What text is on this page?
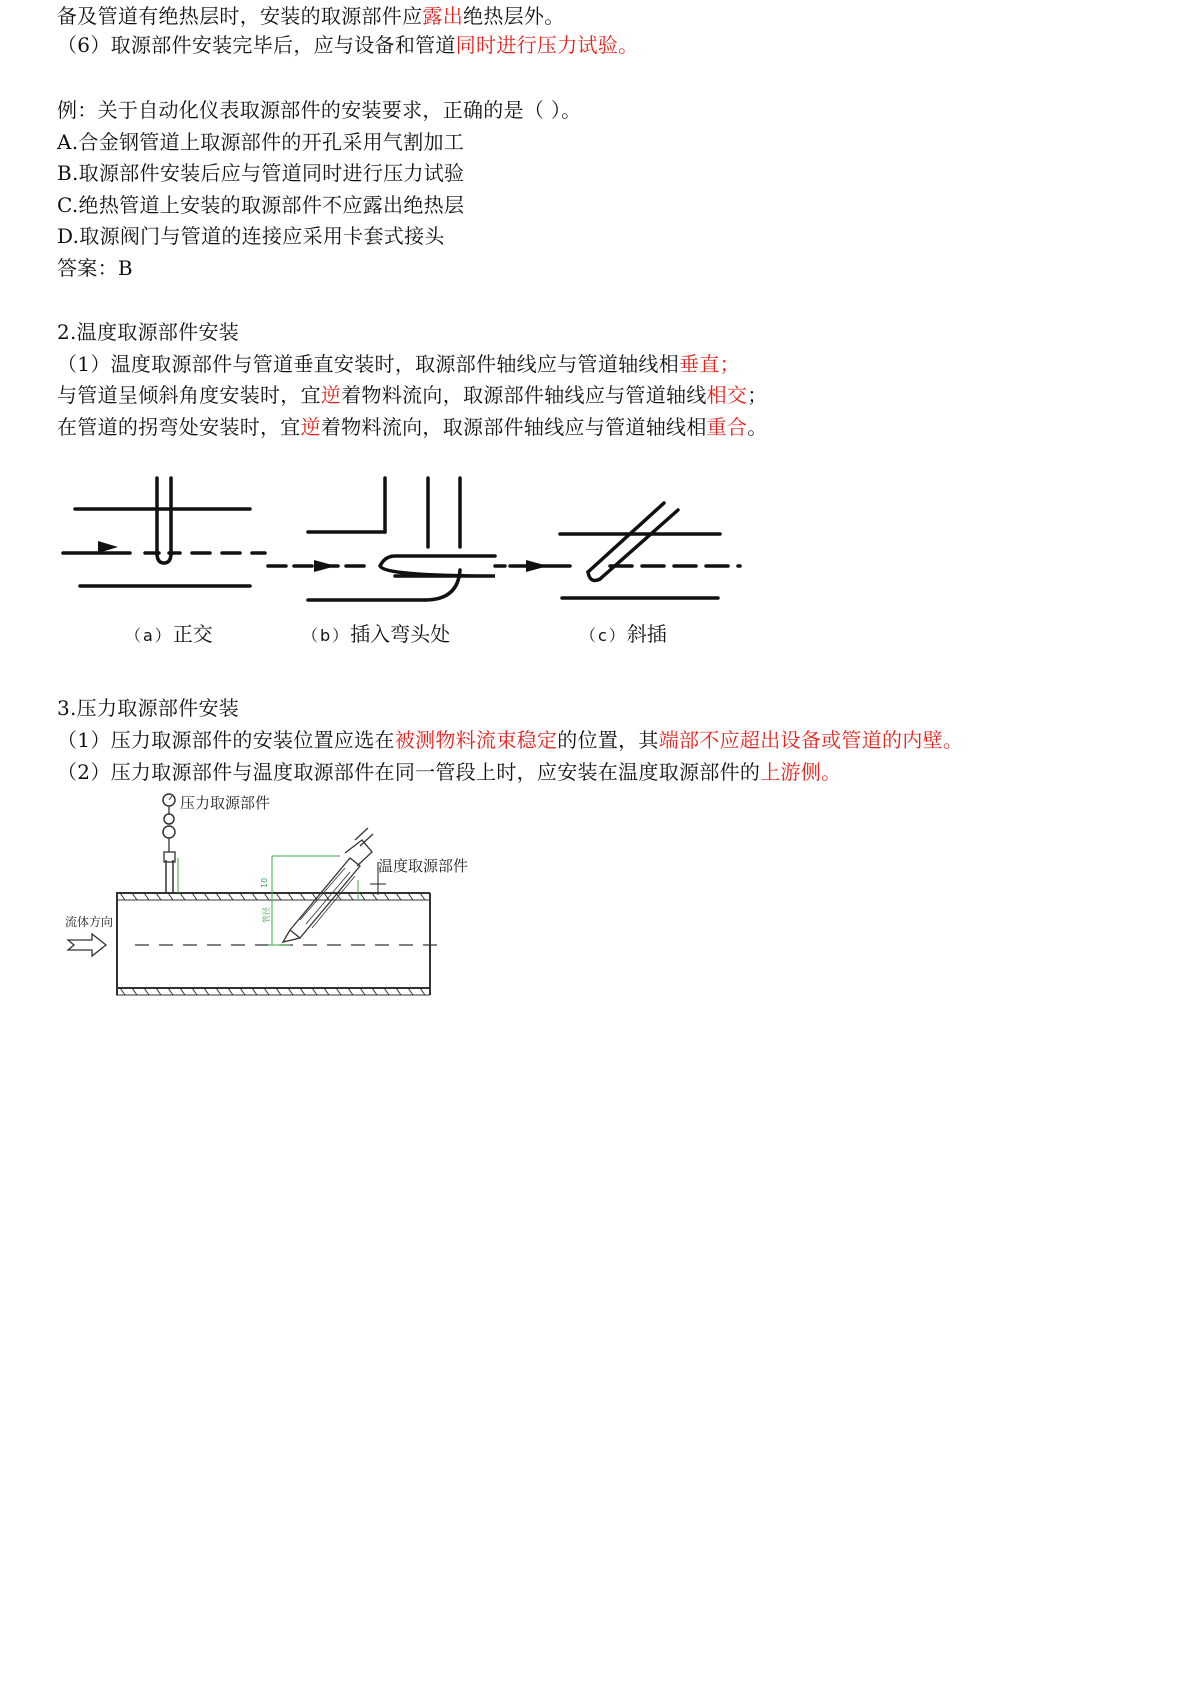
备及管道有绝热层时，安装的取源部件应露出绝热层外。
（6）取源部件安装完毕后，应与设备和管道同时进行压力试验。
例：关于自动化仪表取源部件的安装要求，正确的是（ ）。
A.合金钢管道上取源部件的开孔采用气割加工
B.取源部件安装后应与管道同时进行压力试验
C.绝热管道上安装的取源部件不应露出绝热层
D.取源阀门与管道的连接应采用卡套式接头
答案：B
2.温度取源部件安装
（1）温度取源部件与管道垂直安装时，取源部件轴线应与管道轴线相垂直；
与管道呈倾斜角度安装时，宜逆着物料流向，取源部件轴线应与管道轴线相交；
在管道的拐弯处安装时，宜逆着物料流向，取源部件轴线应与管道轴线相重合。
（a）正交	（b）插入弯头处	（c）斜插
3.压力取源部件安装
（1）压力取源部件的安装位置应选在被测物料流束稳定的位置，其端部不应超出设备或管道的内壁。
（2）压力取源部件与温度取源部件在同一管段上时，应安装在温度取源部件的上游侧。
10
管径
压力取源部件
温度取源部件
流体方向
